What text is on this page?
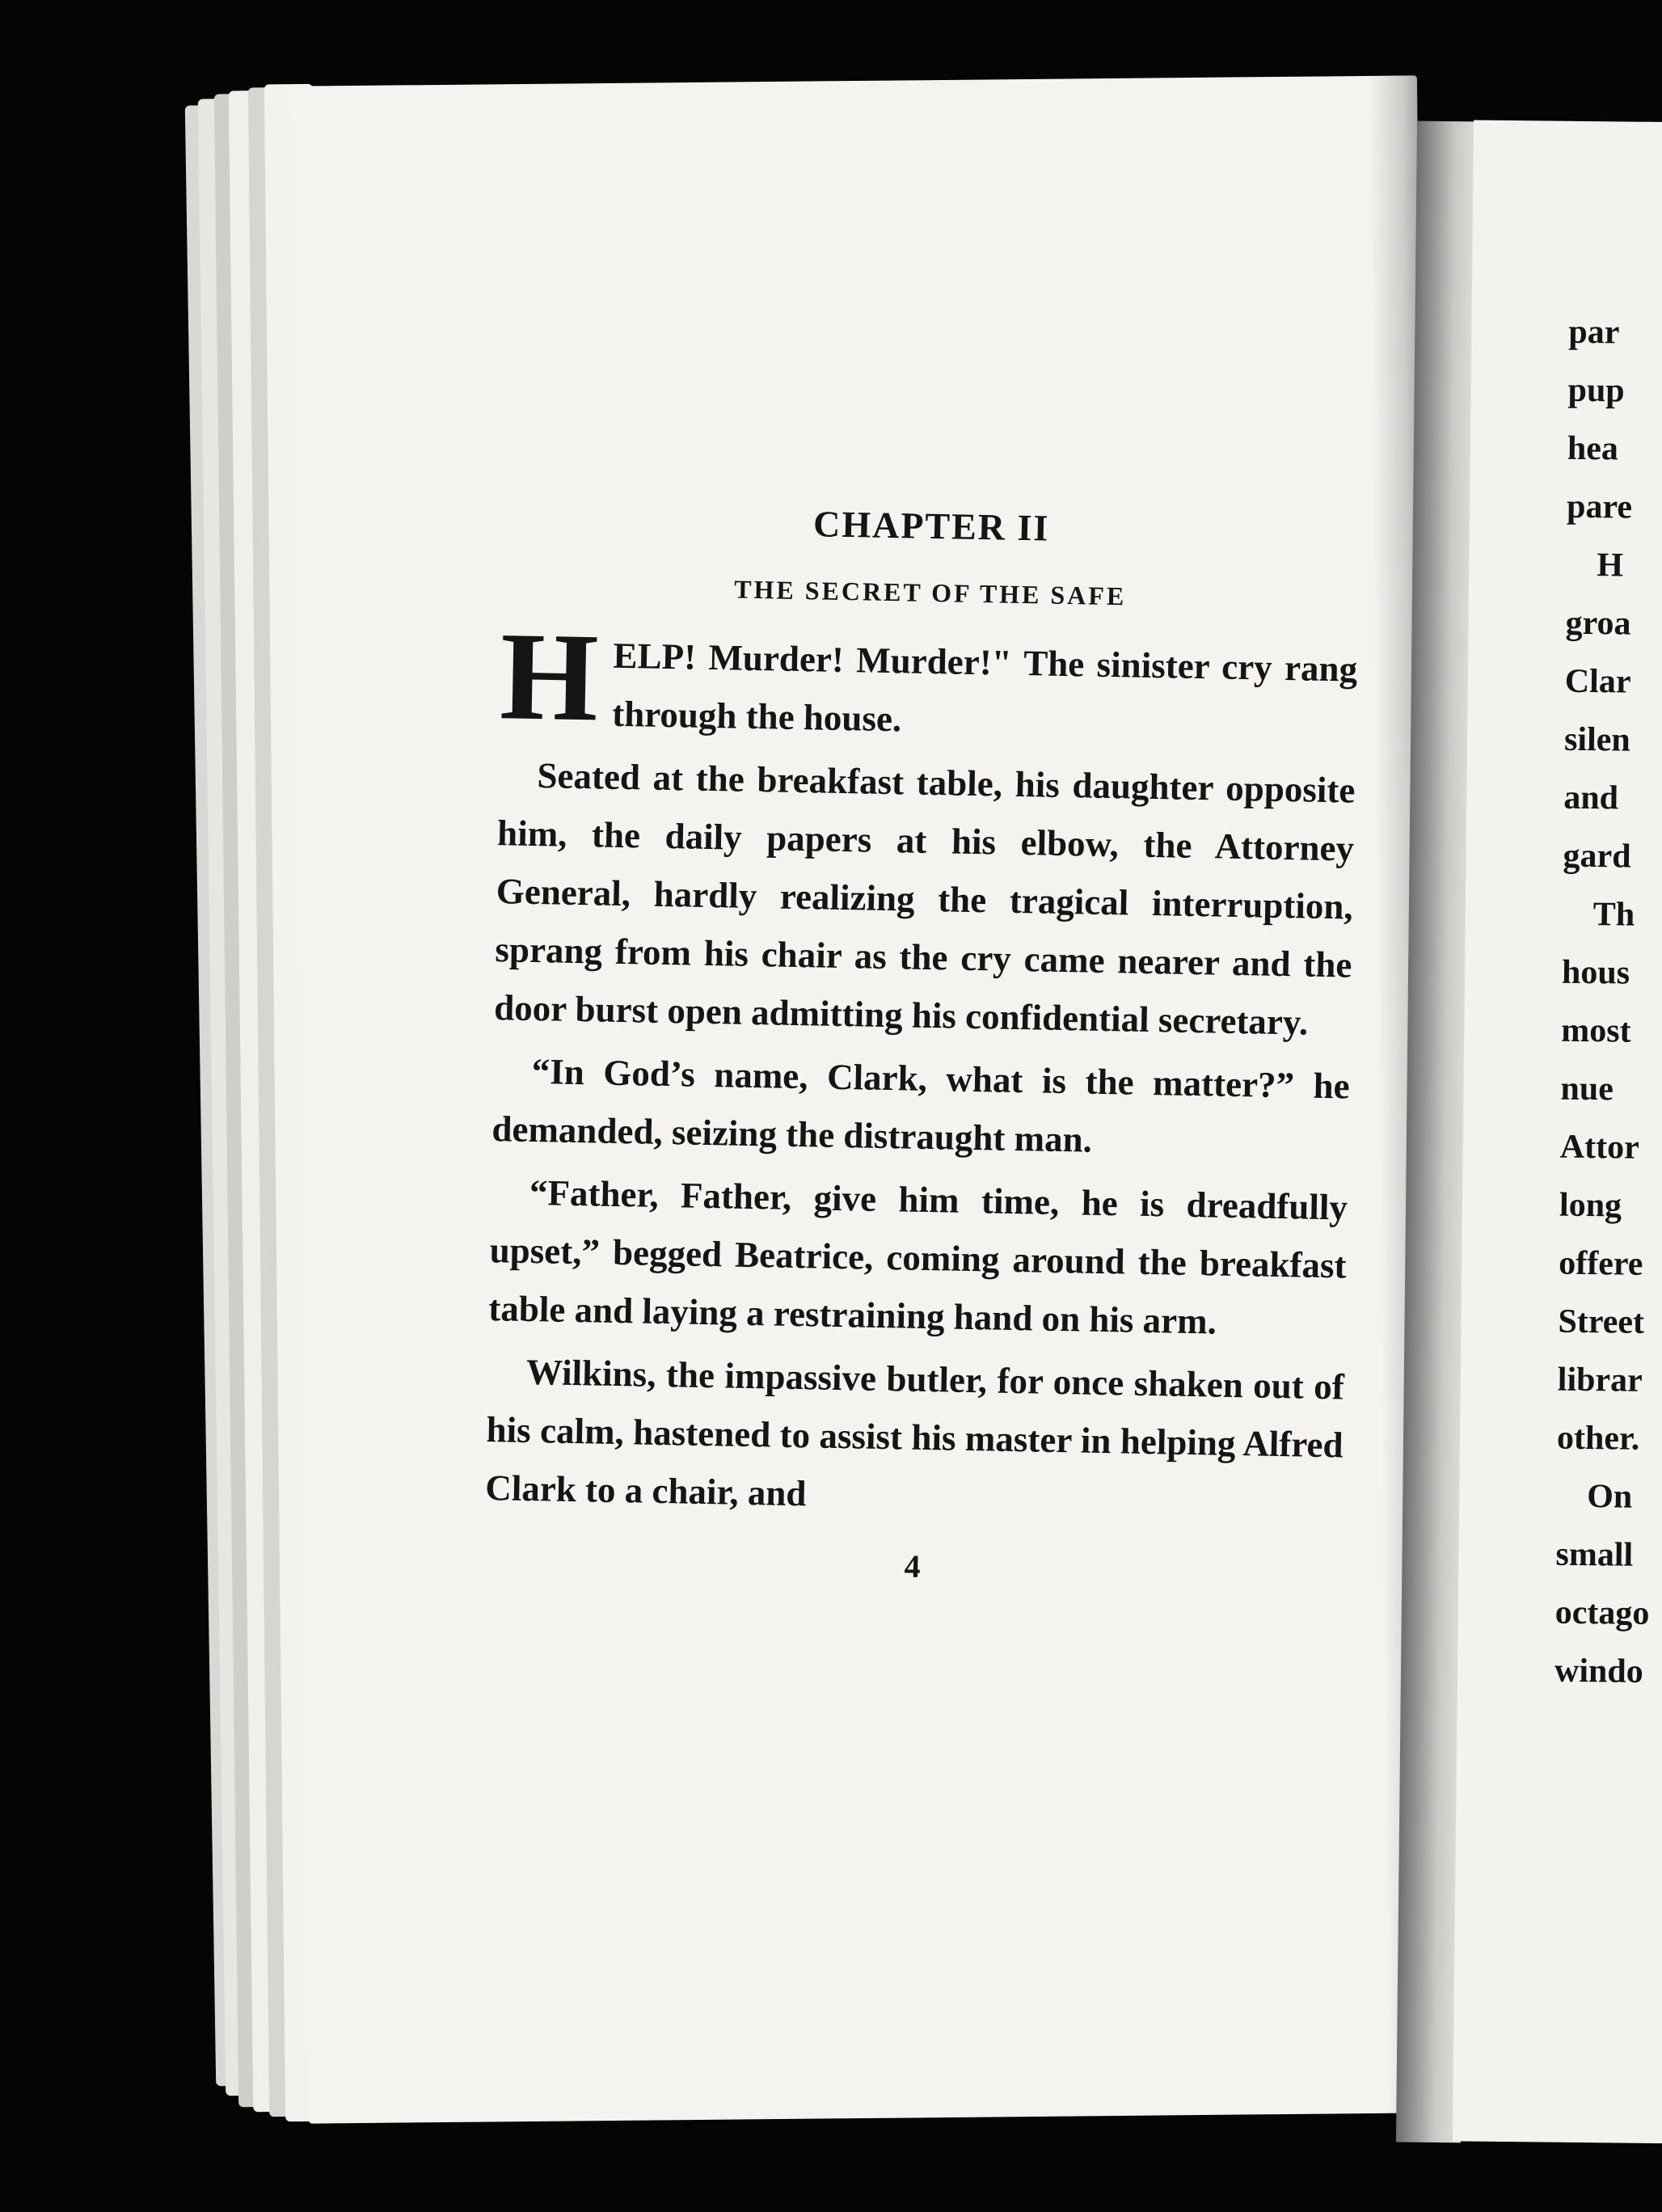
CHAPTER II
THE SECRET OF THE SAFE

H ELP! Murder! Murder!" The sinister cry rang through the house.

Seated at the breakfast table, his daughter opposite him, the daily papers at his elbow, the Attorney General, hardly realizing the tragical interruption, sprang from his chair as the cry came nearer and the door burst open admitting his confidential secretary.

“In God’s name, Clark, what is the matter?” he demanded, seizing the distraught man.

“Father, Father, give him time, he is dreadfully upset,” begged Beatrice, coming around the breakfast table and laying a restraining hand on his arm.

Wilkins, the impassive butler, for once shaken out of his calm, hastened to assist his master in helping Alfred Clark to a chair, and

4
par
pup
hea
pare
H
groa
Clar
silen
and
gard
Th
hous
most
nue
Attor
long
offere
Street
librar
other.
On
small
octago
windo
